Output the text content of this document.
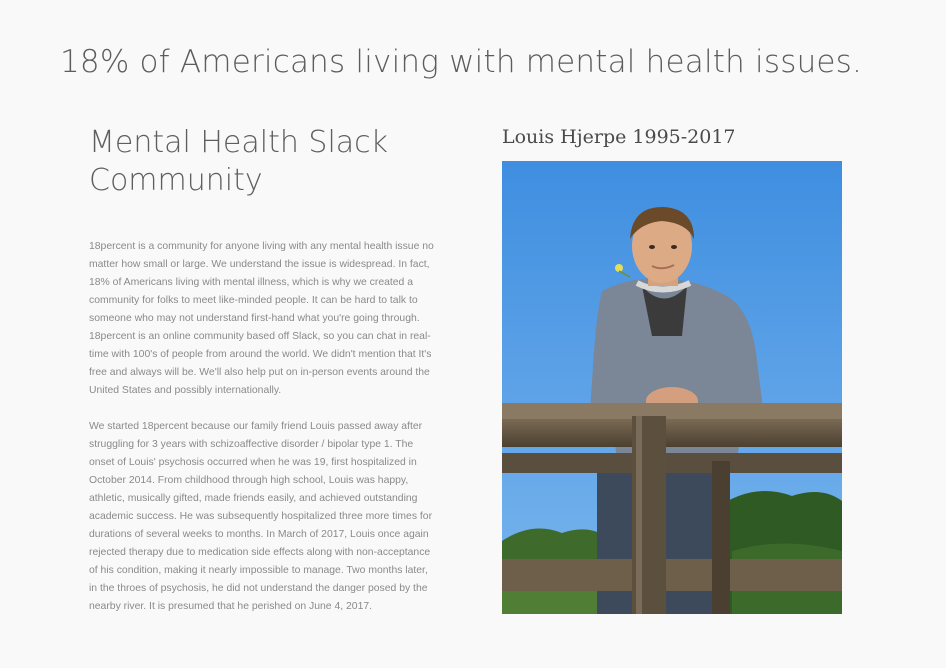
18% of Americans living with mental health issues.
Mental Health Slack Community

18percent is a community for anyone living with any mental health issue no matter how small or large. We understand the issue is widespread. In fact, 18% of Americans living with mental illness, which is why we created a community for folks to meet like-minded people. It can be hard to talk to someone who may not understand first-hand what you're going through. 18percent is an online community based off Slack, so you can chat in real-time with 100's of people from around the world. We didn't mention that It's free and always will be. We'll also help put on in-person events around the United States and possibly internationally.

We started 18percent because our family friend Louis passed away after struggling for 3 years with schizoaffective disorder / bipolar type 1. The onset of Louis' psychosis occurred when he was 19, first hospitalized in October 2014. From childhood through high school, Louis was happy, athletic, musically gifted, made friends easily, and achieved outstanding academic success. He was subsequently hospitalized three more times for durations of several weeks to months. In March of 2017, Louis once again rejected therapy due to medication side effects along with non-acceptance of his condition, making it nearly impossible to manage. Two months later, in the throes of psychosis, he did not understand the danger posed by the nearby river. It is presumed that he perished on June 4, 2017.

Louis Hjerpe 1995-2017
